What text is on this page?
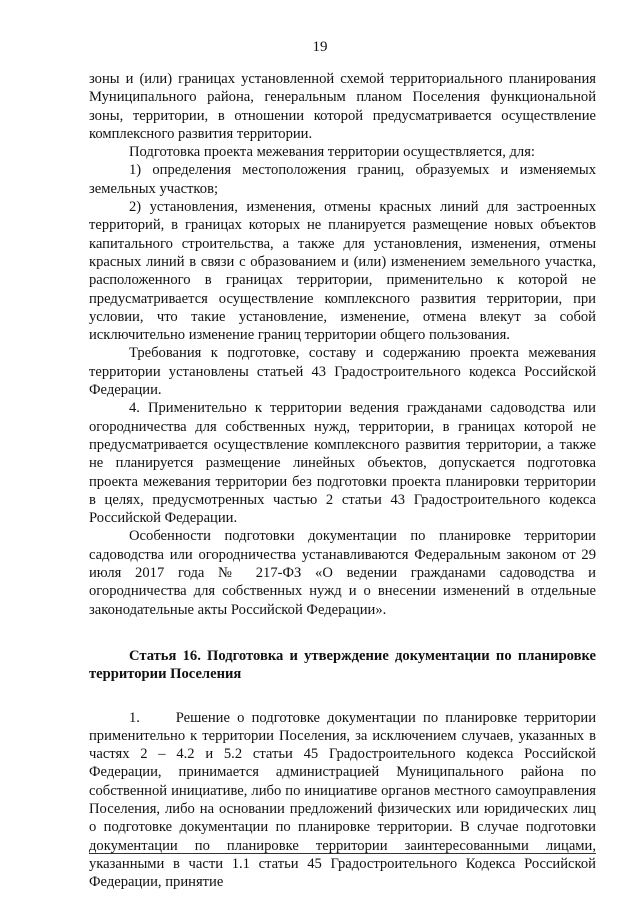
19

зоны и (или) границах установленной схемой территориального планирования Муниципального района, генеральным планом Поселения функциональной зоны, территории, в отношении которой предусматривается осуществление комплексного развития территории.

Подготовка проекта межевания территории осуществляется, для:

1) определения местоположения границ, образуемых и изменяемых земельных участков;

2) установления, изменения, отмены красных линий для застроенных территорий, в границах которых не планируется размещение новых объектов капитального строительства, а также для установления, изменения, отмены красных линий в связи с образованием и (или) изменением земельного участка, расположенного в границах территории, применительно к которой не предусматривается осуществление комплексного развития территории, при условии, что такие установление, изменение, отмена влекут за собой исключительно изменение границ территории общего пользования.

Требования к подготовке, составу и содержанию проекта межевания территории установлены статьей 43 Градостроительного кодекса Российской Федерации.

4. Применительно к территории ведения гражданами садоводства или огородничества для собственных нужд, территории, в границах которой не предусматривается осуществление комплексного развития территории, а также не планируется размещение линейных объектов, допускается подготовка проекта межевания территории без подготовки проекта планировки территории в целях, предусмотренных частью 2 статьи 43 Градостроительного кодекса Российской Федерации.

Особенности подготовки документации по планировке территории садоводства или огородничества устанавливаются Федеральным законом от 29 июля 2017 года № 217-ФЗ «О ведении гражданами садоводства и огородничества для собственных нужд и о внесении изменений в отдельные законодательные акты Российской Федерации».

Статья 16. Подготовка и утверждение документации по планировке территории Поселения

1.     Решение о подготовке документации по планировке территории применительно к территории Поселения, за исключением случаев, указанных в частях 2 – 4.2 и 5.2 статьи 45 Градостроительного кодекса Российской Федерации, принимается администрацией Муниципального района по собственной инициативе, либо по инициативе органов местного самоуправления Поселения, либо на основании предложений физических или юридических лиц о подготовке документации по планировке территории. В случае подготовки документации по планировке территории заинтересованными лицами, указанными в части 1.1 статьи 45 Градостроительного Кодекса Российской Федерации, принятие
